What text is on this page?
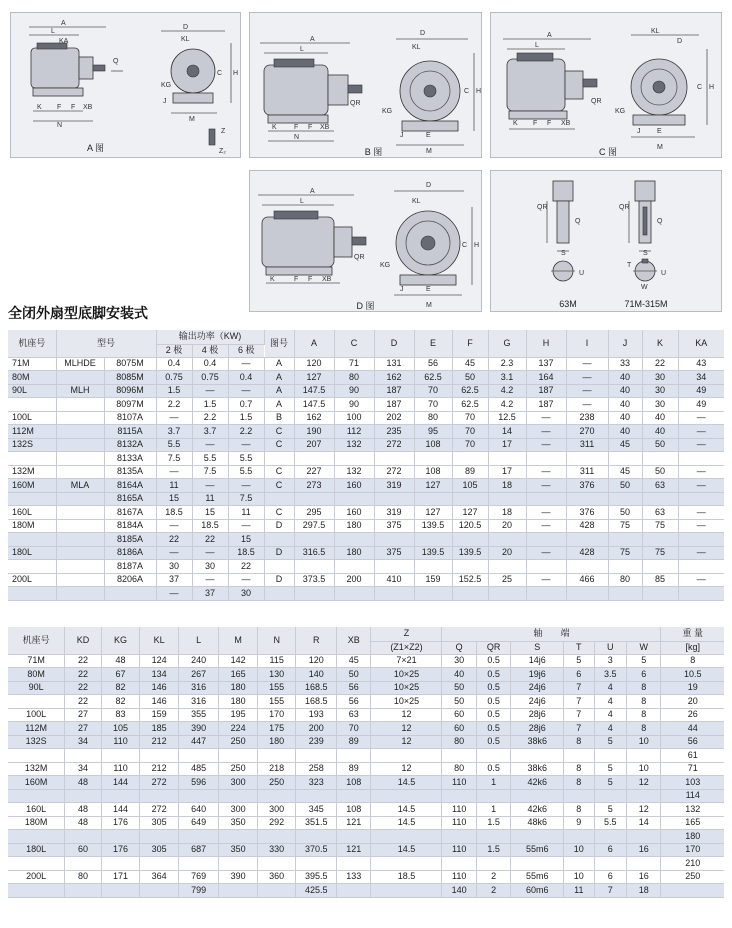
A
L
KA
D
KL
H
C
K F F XB
N
KG
J
M
Q
Z
Z₂
A 图
A
L
D
KL
H
C
K F F XB
N
QR
KG
J	E
M
B 图
A
L
KL
D
H
C
K F F XB
QR
KG
J E
M
C 图
A
L
D
KL
H
C
K	F F XB
QR
KG
J	E
M
D 图
QR
Q
S
QR
Q
S
U	U
T
W
63M	71M-315M
全闭外扇型底脚安装式
机座号	型号		输出功率（KW)			图号	A	C	D	E	F	G	H	I	J	K	KA
			2 极	4 极	6 极												
71M	MLHDE	8075M	0.4	0.4	—	A	120	71	131	56	45	2.3	137	—	33	22	43
80M		8085M	0.75	0.75	0.4	A	127	80	162	62.5	50	3.1	164	—	40	30	34
90L	MLH	8096M	1.5	—	—	A	147.5	90	187	70	62.5	4.2	187	—	40	30	49
		8097M	2.2	1.5	0.7	A	147.5	90	187	70	62.5	4.2	187	—	40	30	49
100L		8107A	—	2.2	1.5	B	162	100	202	80	70	12.5	—	238	40	40	—
112M		8115A	3.7	3.7	2.2	C	190	112	235	95	70	14	—	270	40	40	—
132S		8132A	5.5	—	—	C	207	132	272	108	70	17	—	311	45	50	—
		8133A	7.5	5.5	5.5												
132M		8135A	—	7.5	5.5	C	227	132	272	108	89	17	—	311	45	50	—
160M	MLA	8164A	11	—	—	C	273	160	319	127	105	18	—	376	50	63	—
		8165A	15	11	7.5												
160L		8167A	18.5	15	11	C	295	160	319	127	127	18	—	376	50	63	—
180M		8184A	—	18.5	—	D	297.5	180	375	139.5	120.5	20	—	428	75	75	—
		8185A	22	22	15												
180L		8186A	—	—	18.5	D	316.5	180	375	139.5	139.5	20	—	428	75	75	—
		8187A	30	30	22												
200L		8206A	37	—	—	D	373.5	200	410	159	152.5	25	—	466	80	85	—
			—	37	30												
机座号	KD	KG	KL	L	M	N	R	XB	Z	轴　　端						重 量
									(Z1×Z2)	Q	QR	S	T	U	W	[kg]
71M	22	48	124	240	142	115	120	45	7×21	30	0.5	14j6	5	3	5	8
80M	22	67	134	267	165	130	140	50	10×25	40	0.5	19j6	6	3.5	6	10.5
90L	22	82	146	316	180	155	168.5	56	10×25	50	0.5	24j6	7	4	8	19
	22	82	146	316	180	155	168.5	56	10×25	50	0.5	24j6	7	4	8	20
100L	27	83	159	355	195	170	193	63	12	60	0.5	28j6	7	4	8	26
112M	27	105	185	390	224	175	200	70	12	60	0.5	28j6	7	4	8	44
132S	34	110	212	447	250	180	239	89	12	80	0.5	38k6	8	5	10	56
																61
132M	34	110	212	485	250	218	258	89	12	80	0.5	38k6	8	5	10	71
160M	48	144	272	596	300	250	323	108	14.5	110	1	42k6	8	5	12	103
																114
160L	48	144	272	640	300	300	345	108	14.5	110	1	42k6	8	5	12	132
180M	48	176	305	649	350	292	351.5	121	14.5	110	1.5	48k6	9	5.5	14	165
																180
180L	60	176	305	687	350	330	370.5	121	14.5	110	1.5	55m6	10	6	16	170
																210
200L	80	171	364	769	390	360	395.5	133	18.5	110	2	55m6	10	6	16	250
				799			425.5			140	2	60m6	11	7	18	
